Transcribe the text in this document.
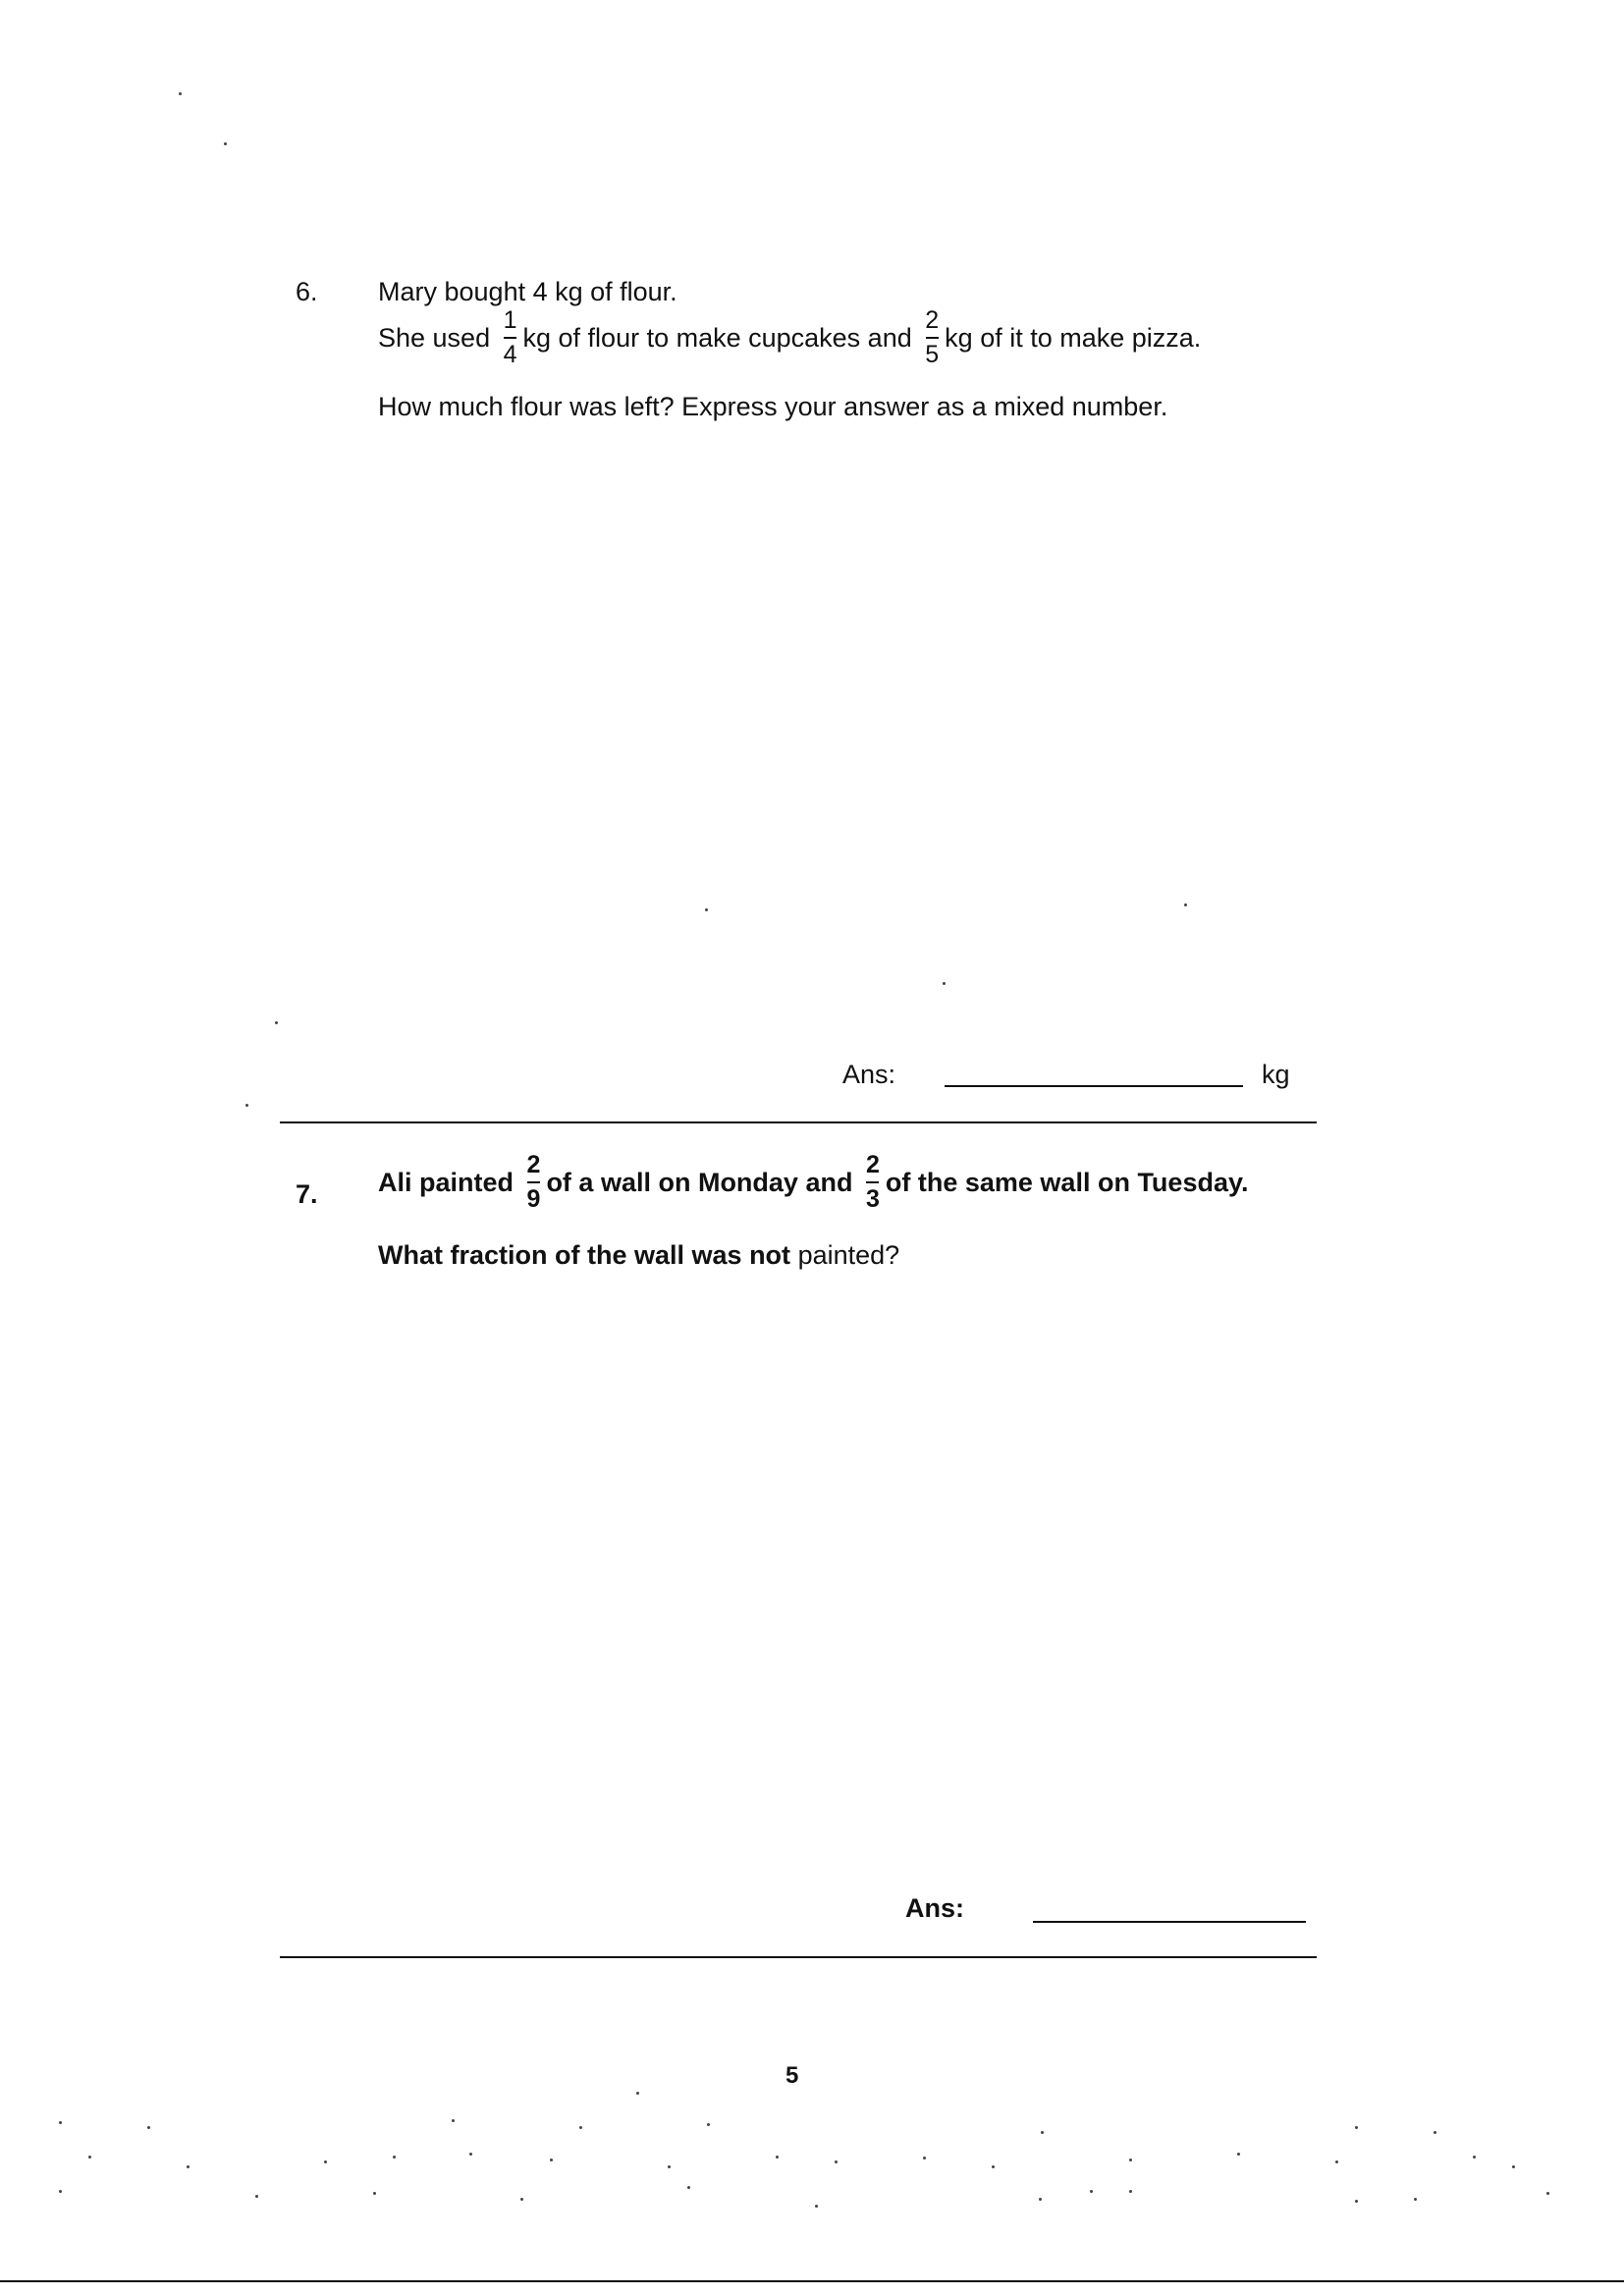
6. Mary bought 4 kg of flour.
She used $\frac{1}{4}$ kg of flour to make cupcakes and $\frac{2}{5}$ kg of it to make pizza.
How much flour was left? Express your answer as a mixed number.
Ans:	kg
7. Ali painted $\frac{2}{9}$ of a wall on Monday and $\frac{2}{3}$ of the same wall on Tuesday.
What fraction of the wall was not painted?
Ans:
5
